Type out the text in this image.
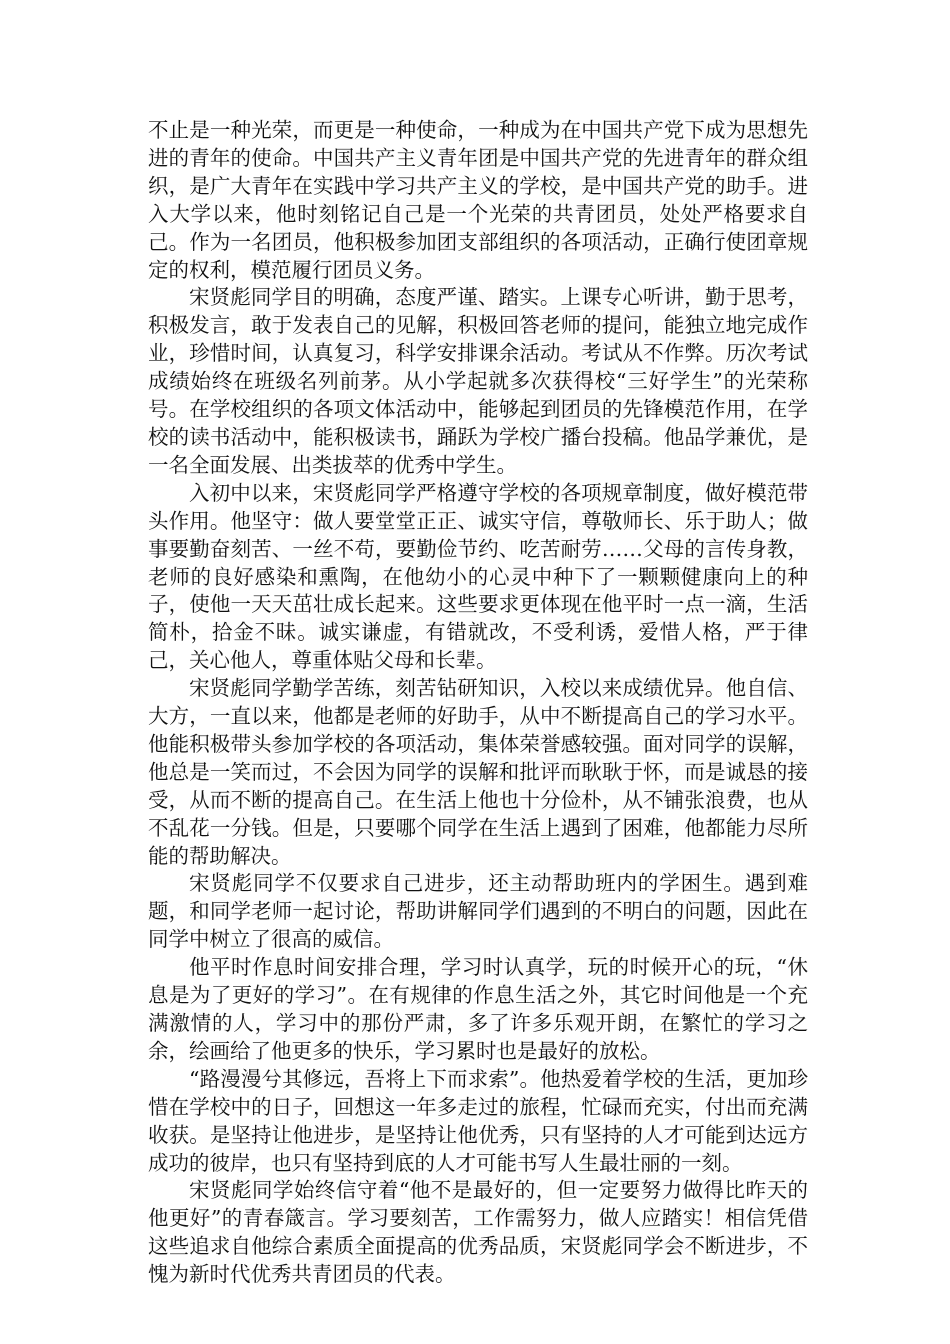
不止是一种光荣，而更是一种使命，一种成为在中国共产党下成为思想先进的青年的使命。中国共产主义青年团是中国共产党的先进青年的群众组织，是广大青年在实践中学习共产主义的学校，是中国共产党的助手。进入大学以来，他时刻铭记自己是一个光荣的共青团员，处处严格要求自己。作为一名团员，他积极参加团支部组织的各项活动，正确行使团章规定的权利，模范履行团员义务。

宋贤彪同学目的明确，态度严谨、踏实。上课专心听讲，勤于思考，积极发言，敢于发表自己的见解，积极回答老师的提问，能独立地完成作业，珍惜时间，认真复习，科学安排课余活动。考试从不作弊。历次考试成绩始终在班级名列前茅。从小学起就多次获得校“三好学生”的光荣称号。在学校组织的各项文体活动中，能够起到团员的先锋模范作用，在学校的读书活动中，能积极读书，踊跃为学校广播台投稿。他品学兼优，是一名全面发展、出类拔萃的优秀中学生。

入初中以来，宋贤彪同学严格遵守学校的各项规章制度，做好模范带头作用。他坚守：做人要堂堂正正、诚实守信，尊敬师长、乐于助人；做事要勤奋刻苦、一丝不苟，要勤俭节约、吃苦耐劳……父母的言传身教，老师的良好感染和熏陶，在他幼小的心灵中种下了一颗颗健康向上的种子，使他一天天茁壮成长起来。这些要求更体现在他平时一点一滴，生活简朴，拾金不昧。诚实谦虚，有错就改，不受利诱，爱惜人格，严于律己，关心他人，尊重体贴父母和长辈。

宋贤彪同学勤学苦练，刻苦钻研知识，入校以来成绩优异。他自信、大方，一直以来，他都是老师的好助手，从中不断提高自己的学习水平。他能积极带头参加学校的各项活动，集体荣誉感较强。面对同学的误解，他总是一笑而过，不会因为同学的误解和批评而耿耿于怀，而是诚恳的接受，从而不断的提高自己。在生活上他也十分俭朴，从不铺张浪费，也从不乱花一分钱。但是，只要哪个同学在生活上遇到了困难，他都能力尽所能的帮助解决。

宋贤彪同学不仅要求自己进步，还主动帮助班内的学困生。遇到难题，和同学老师一起讨论，帮助讲解同学们遇到的不明白的问题，因此在同学中树立了很高的威信。

他平时作息时间安排合理，学习时认真学，玩的时候开心的玩，“休息是为了更好的学习”。在有规律的作息生活之外，其它时间他是一个充满激情的人，学习中的那份严肃，多了许多乐观开朗，在繁忙的学习之余，绘画给了他更多的快乐，学习累时也是最好的放松。

“路漫漫兮其修远，吾将上下而求索”。他热爱着学校的生活，更加珍惜在学校中的日子，回想这一年多走过的旅程，忙碌而充实，付出而充满收获。是坚持让他进步，是坚持让他优秀，只有坚持的人才可能到达远方成功的彼岸，也只有坚持到底的人才可能书写人生最壮丽的一刻。

宋贤彪同学始终信守着“他不是最好的，但一定要努力做得比昨天的他更好”的青春箴言。学习要刻苦，工作需努力，做人应踏实！相信凭借这些追求自他综合素质全面提高的优秀品质，宋贤彪同学会不断进步，不愧为新时代优秀共青团员的代表。
